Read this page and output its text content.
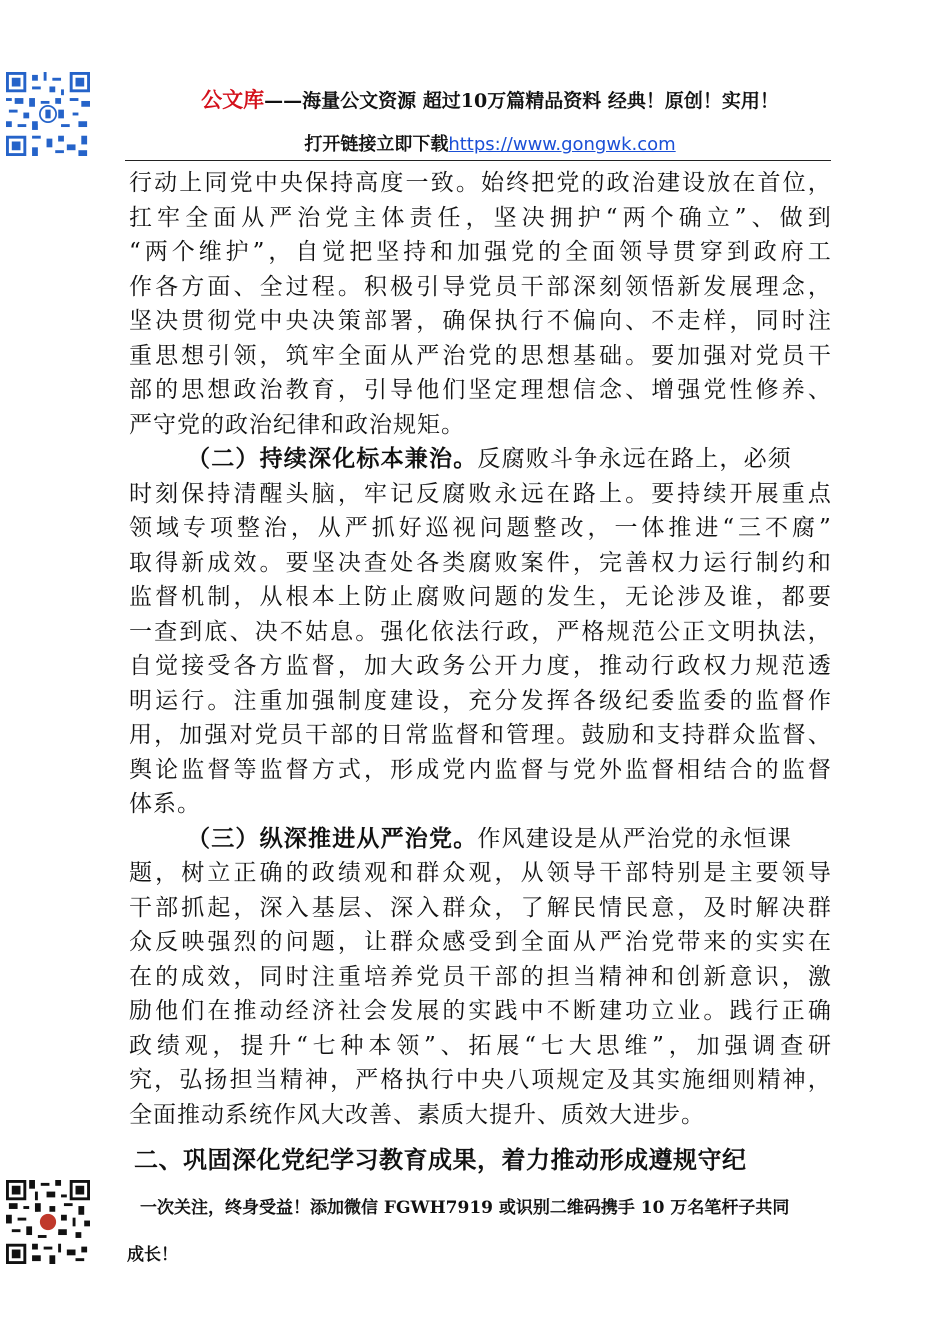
公文库——海量公文资源 超过10万篇精品资料 经典！原创！实用！
打开链接立即下载https://www.gongwk.com
行 动 上 同 党 中 央 保 持 高 度 一 致 。 始 终 把 党 的 政 治 建 设 放 在 首 位 ，
扛 牢 全 面 从 严 治 党 主 体 责 任 ， 坚 决 拥 护 “ 两 个 确 立 ” 、 做 到
“ 两 个 维 护 ” ， 自 觉 把 坚 持 和 加 强 党 的 全 面 领 导 贯 穿 到 政 府 工
作 各 方 面 、 全 过 程 。 积 极 引 导 党 员 干 部 深 刻 领 悟 新 发 展 理 念 ，
坚 决 贯 彻 党 中 央 决 策 部 署 ， 确 保 执 行 不 偏 向 、 不 走 样 ， 同 时 注
重 思 想 引 领 ， 筑 牢 全 面 从 严 治 党 的 思 想 基 础 。 要 加 强 对 党 员 干
部 的 思 想 政 治 教 育 ， 引 导 他 们 坚 定 理 想 信 念 、 增 强 党 性 修 养 、
严守党的政治纪律和政治规矩。
（二）持续深化标本兼治。 反腐败斗争永远在路上，必须
时 刻 保 持 清 醒 头 脑 ， 牢 记 反 腐 败 永 远 在 路 上 。 要 持 续 开 展 重 点
领 域 专 项 整 治 ， 从 严 抓 好 巡 视 问 题 整 改 ， 一 体 推 进 “ 三 不 腐 ”
取 得 新 成 效 。 要 坚 决 查 处 各 类 腐 败 案 件 ， 完 善 权 力 运 行 制 约 和
监 督 机 制 ， 从 根 本 上 防 止 腐 败 问 题 的 发 生 ， 无 论 涉 及 谁 ， 都 要
一 查 到 底 、 决 不 姑 息 。 强 化 依 法 行 政 ， 严 格 规 范 公 正 文 明 执 法 ，
自 觉 接 受 各 方 监 督 ， 加 大 政 务 公 开 力 度 ， 推 动 行 政 权 力 规 范 透
明 运 行 。 注 重 加 强 制 度 建 设 ， 充 分 发 挥 各 级 纪 委 监 委 的 监 督 作
用 ， 加 强 对 党 员 干 部 的 日 常 监 督 和 管 理 。 鼓 励 和 支 持 群 众 监 督 、
舆 论 监 督 等 监 督 方 式 ， 形 成 党 内 监 督 与 党 外 监 督 相 结 合 的 监 督
体系。
（三）纵深推进从严治党。 作风建设是从严治党的永恒课
题 ， 树 立 正 确 的 政 绩 观 和 群 众 观 ， 从 领 导 干 部 特 别 是 主 要 领 导
干 部 抓 起 ， 深 入 基 层 、 深 入 群 众 ， 了 解 民 情 民 意 ， 及 时 解 决 群
众 反 映 强 烈 的 问 题 ， 让 群 众 感 受 到 全 面 从 严 治 党 带 来 的 实 实 在
在 的 成 效 ， 同 时 注 重 培 养 党 员 干 部 的 担 当 精 神 和 创 新 意 识 ， 激
励 他 们 在 推 动 经 济 社 会 发 展 的 实 践 中 不 断 建 功 立 业 。 践 行 正 确
政 绩 观 ， 提 升 “ 七 种 本 领 ” 、 拓 展 “ 七 大 思 维 ” ， 加 强 调 查 研
究 ， 弘 扬 担 当 精 神 ， 严 格 执 行 中 央 八 项 规 定 及 其 实 施 细 则 精 神 ，
全面推动系统作风大改善、素质大提升、质效大进步。
二、巩固深化党纪学习教育成果，着力推动形成遵规守纪
一次关注，终身受益！添加微信 FGWH7919 或识别二维码携手 10 万名笔杆子共同
成长！
